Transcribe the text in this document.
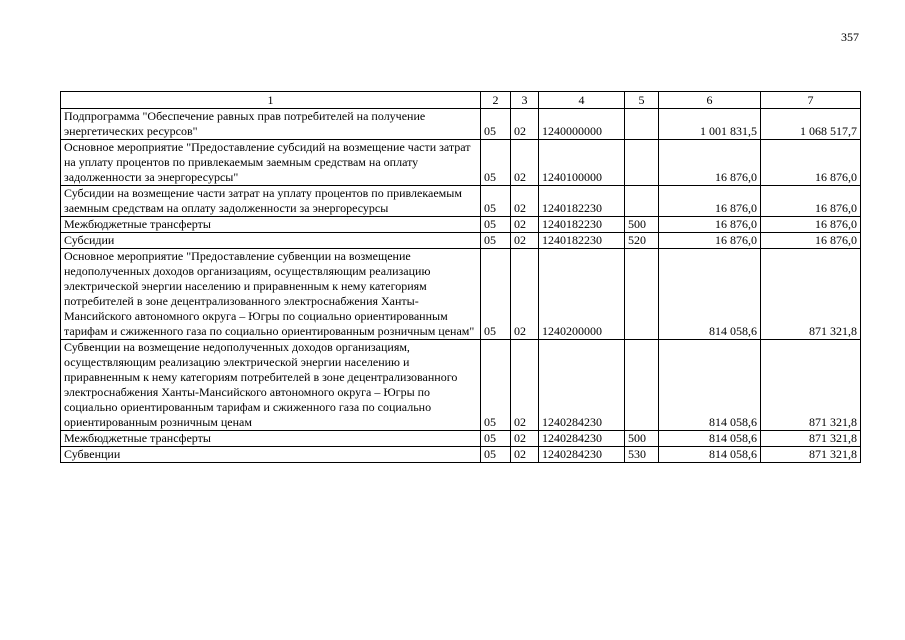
357
1	2	3	4	5	6	7
Подпрограмма "Обеспечение равных прав потребителей на получение энергетических ресурсов"	05	02	1240000000		1 001 831,5	1 068 517,7
Основное мероприятие "Предоставление субсидий на возмещение части затрат на уплату процентов по привлекаемым заемным средствам на оплату задолженности за энергоресурсы"	05	02	1240100000		16 876,0	16 876,0
Субсидии на возмещение части затрат на уплату процентов по привлекаемым заемным средствам на оплату задолженности за энергоресурсы	05	02	1240182230		16 876,0	16 876,0
Межбюджетные трансферты	05	02	1240182230	500	16 876,0	16 876,0
Субсидии	05	02	1240182230	520	16 876,0	16 876,0
Основное мероприятие "Предоставление субвенции на возмещение недополученных доходов организациям, осуществляющим реализацию электрической энергии населению и приравненным к нему категориям потребителей в зоне децентрализованного электроснабжения Ханты-Мансийского автономного округа – Югры по социально ориентированным тарифам и сжиженного газа по социально ориентированным розничным ценам"	05	02	1240200000		814 058,6	871 321,8
Субвенции на возмещение недополученных доходов организациям, осуществляющим реализацию электрической энергии населению и приравненным к нему категориям потребителей в зоне децентрализованного электроснабжения Ханты-Мансийского автономного округа – Югры по социально ориентированным тарифам и сжиженного газа по социально ориентированным розничным ценам	05	02	1240284230		814 058,6	871 321,8
Межбюджетные трансферты	05	02	1240284230	500	814 058,6	871 321,8
Субвенции	05	02	1240284230	530	814 058,6	871 321,8
